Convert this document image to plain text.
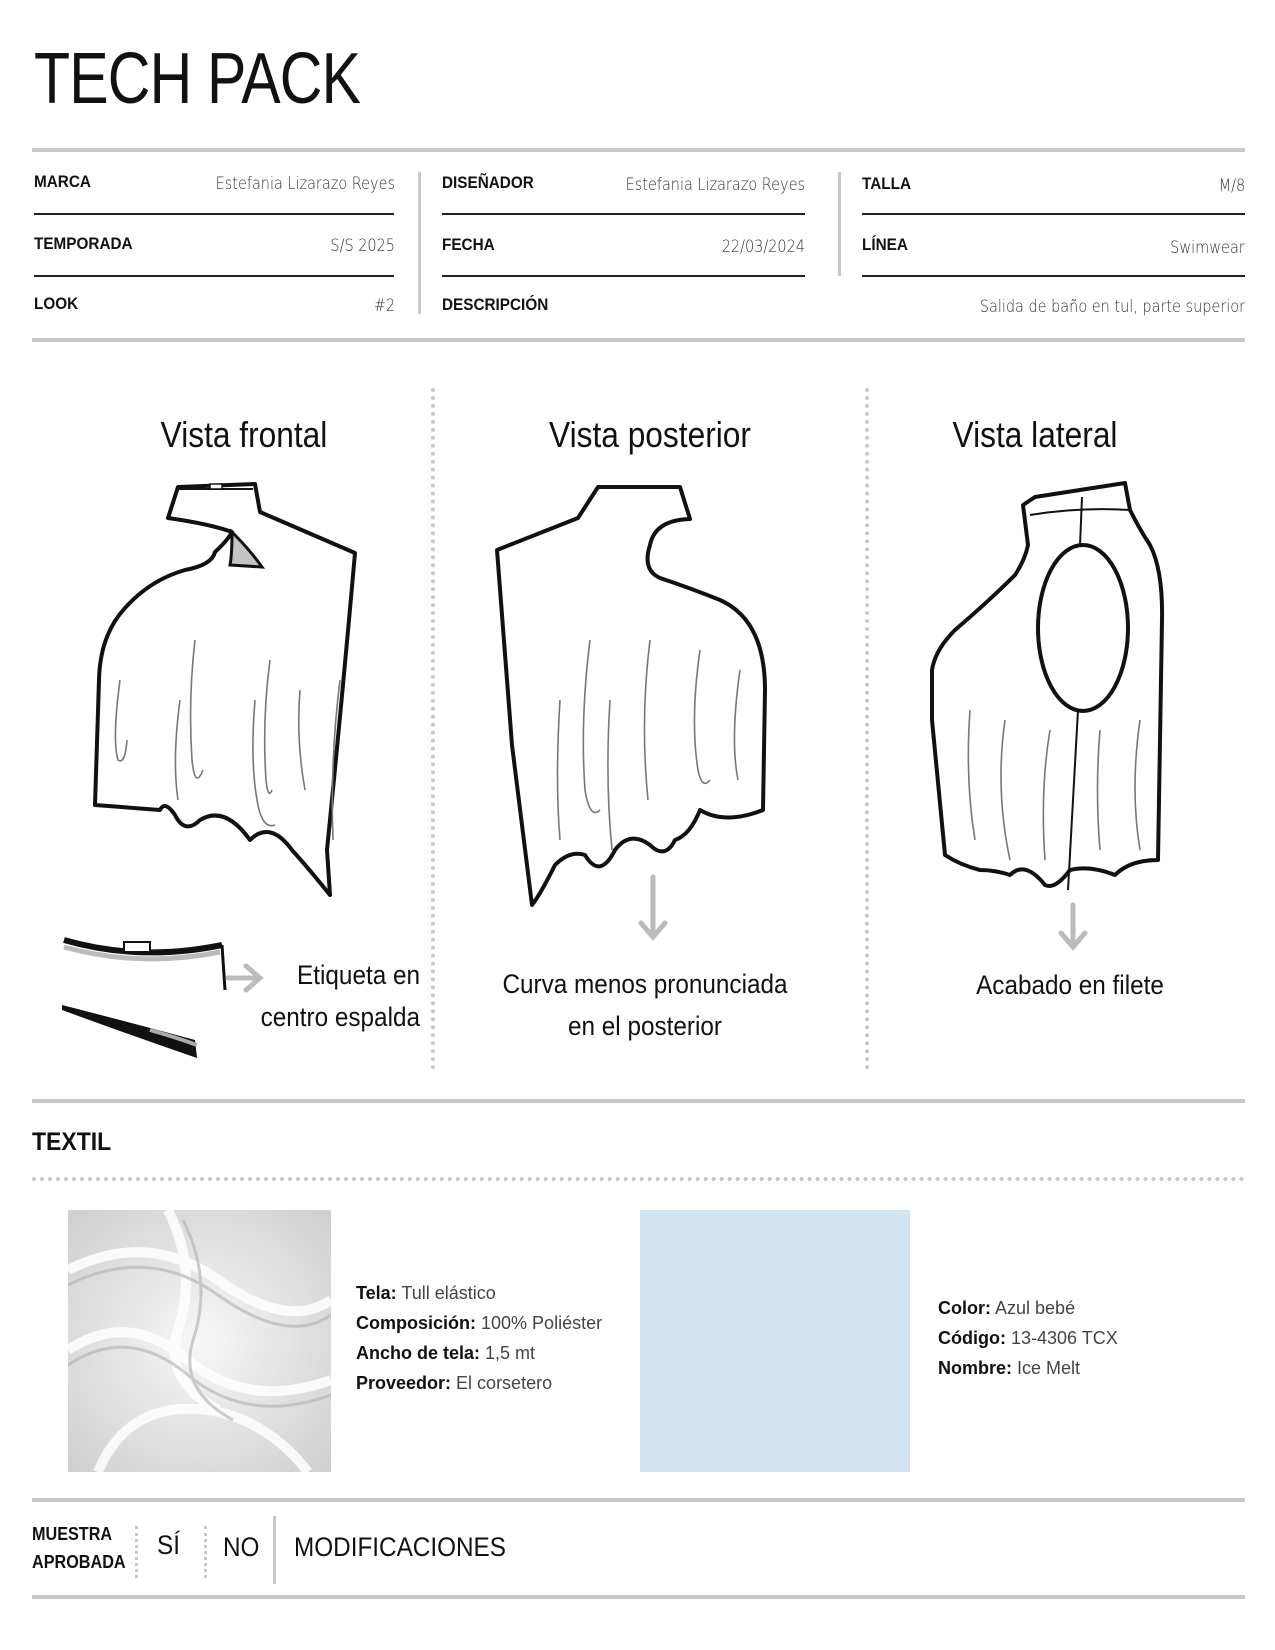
TECH PACK
MARCA	Estefania Lizarazo Reyes
TEMPORADA	S/S 2025
LOOK	#2
DISEÑADOR	Estefania Lizarazo Reyes
FECHA	22/03/2024
DESCRIPCIÓN	Salida de baño en tul, parte superior
TALLA	M/8
LÍNEA	Swimwear
Vista frontal	Vista posterior	Vista lateral
Etiqueta en
centro espalda
Curva menos pronunciada
en el posterior
Acabado en filete
TEXTIL
Tela: Tull elástico
Composición: 100% Poliéster
Ancho de tela: 1,5 mt
Proveedor: El corsetero
Color: Azul bebé
Código: 13-4306 TCX
Nombre: Ice Melt
MUESTRA
APROBADA
SÍ NO MODIFICACIONES
